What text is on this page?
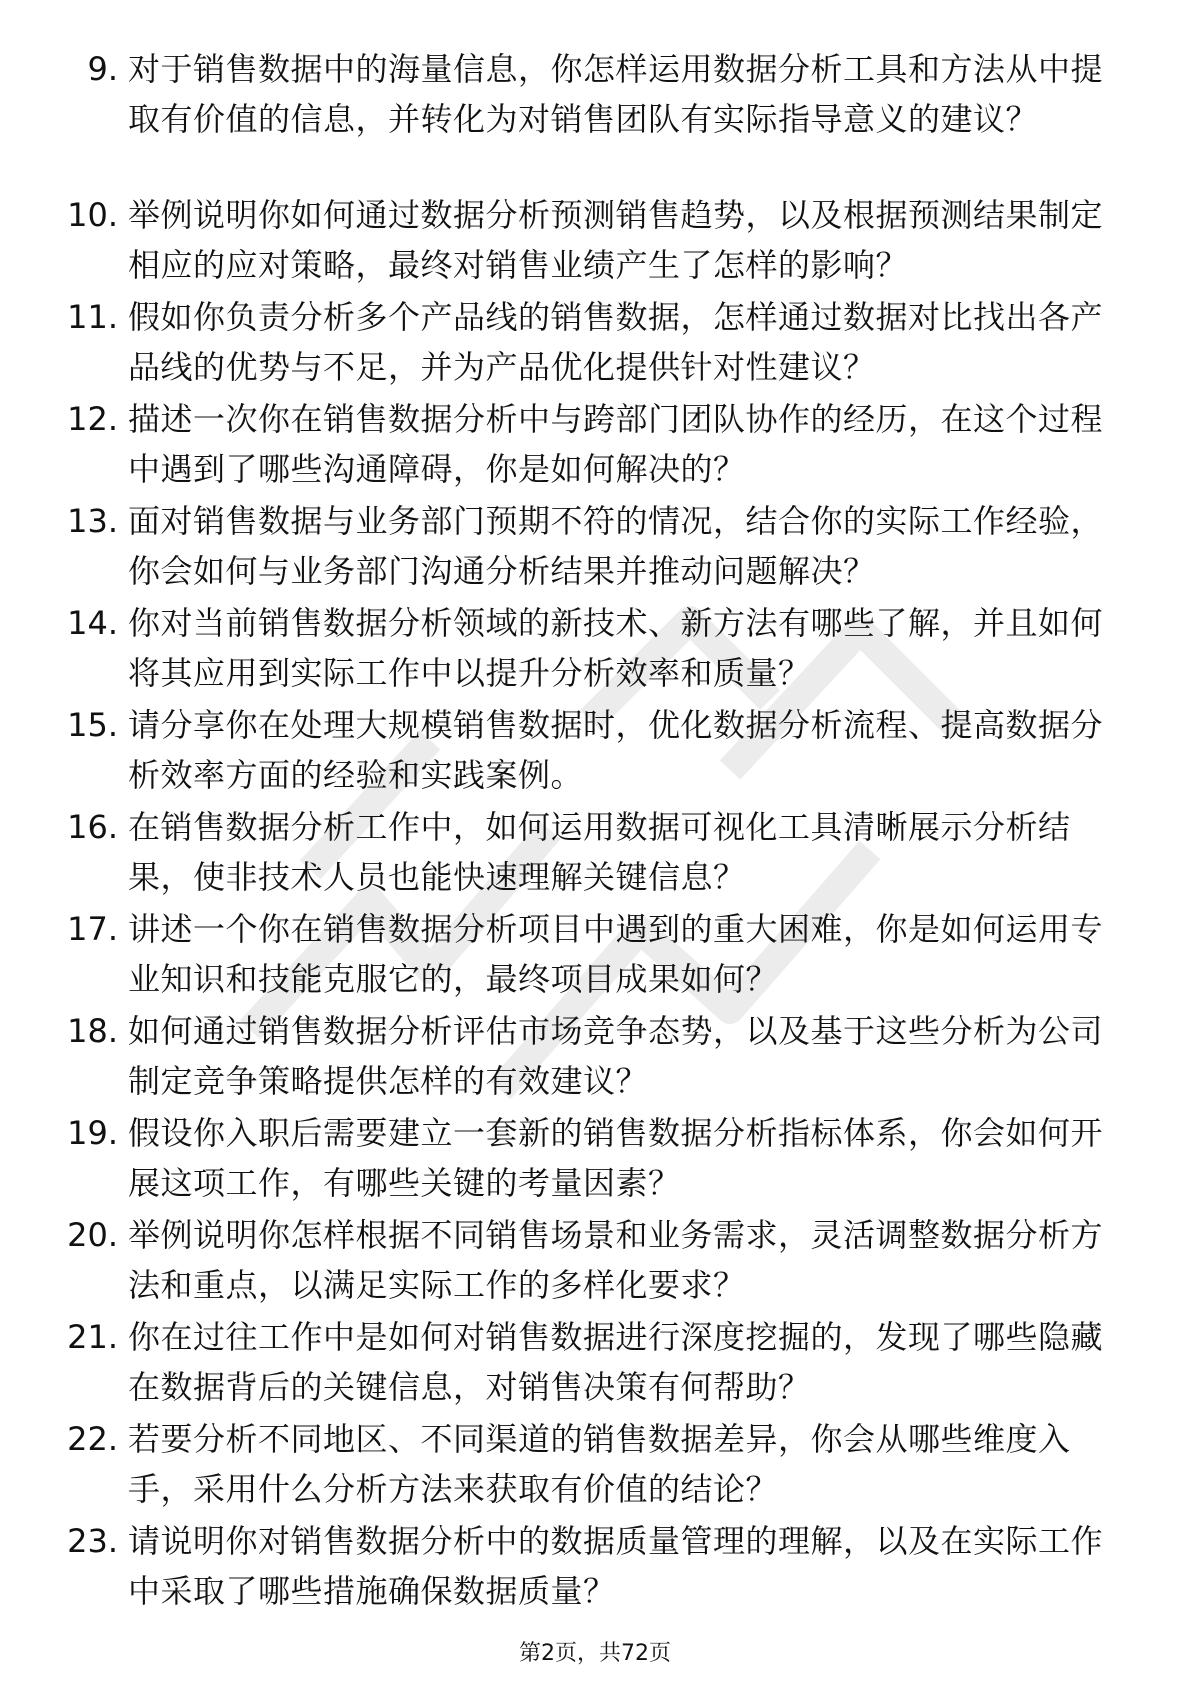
9. 对于销售数据中的海量信息，你怎样运用数据分析工具和方法从中提取有价值的信息，并转化为对销售团队有实际指导意义的建议？
10. 举例说明你如何通过数据分析预测销售趋势，以及根据预测结果制定相应的应对策略，最终对销售业绩产生了怎样的影响？
11. 假如你负责分析多个产品线的销售数据，怎样通过数据对比找出各产品线的优势与不足，并为产品优化提供针对性建议？
12. 描述一次你在销售数据分析中与跨部门团队协作的经历，在这个过程中遇到了哪些沟通障碍，你是如何解决的？
13. 面对销售数据与业务部门预期不符的情况，结合你的实际工作经验，你会如何与业务部门沟通分析结果并推动问题解决？
14. 你对当前销售数据分析领域的新技术、新方法有哪些了解，并且如何将其应用到实际工作中以提升分析效率和质量？
15. 请分享你在处理大规模销售数据时，优化数据分析流程、提高数据分析效率方面的经验和实践案例。
16. 在销售数据分析工作中，如何运用数据可视化工具清晰展示分析结果，使非技术人员也能快速理解关键信息？
17. 讲述一个你在销售数据分析项目中遇到的重大困难，你是如何运用专业知识和技能克服它的，最终项目成果如何？
18. 如何通过销售数据分析评估市场竞争态势，以及基于这些分析为公司制定竞争策略提供怎样的有效建议？
19. 假设你入职后需要建立一套新的销售数据分析指标体系，你会如何开展这项工作，有哪些关键的考量因素？
20. 举例说明你怎样根据不同销售场景和业务需求，灵活调整数据分析方法和重点，以满足实际工作的多样化要求？
21. 你在过往工作中是如何对销售数据进行深度挖掘的，发现了哪些隐藏在数据背后的关键信息，对销售决策有何帮助？
22. 若要分析不同地区、不同渠道的销售数据差异，你会从哪些维度入手，采用什么分析方法来获取有价值的结论？
23. 请说明你对销售数据分析中的数据质量管理的理解，以及在实际工作中采取了哪些措施确保数据质量？
第2页，共72页
